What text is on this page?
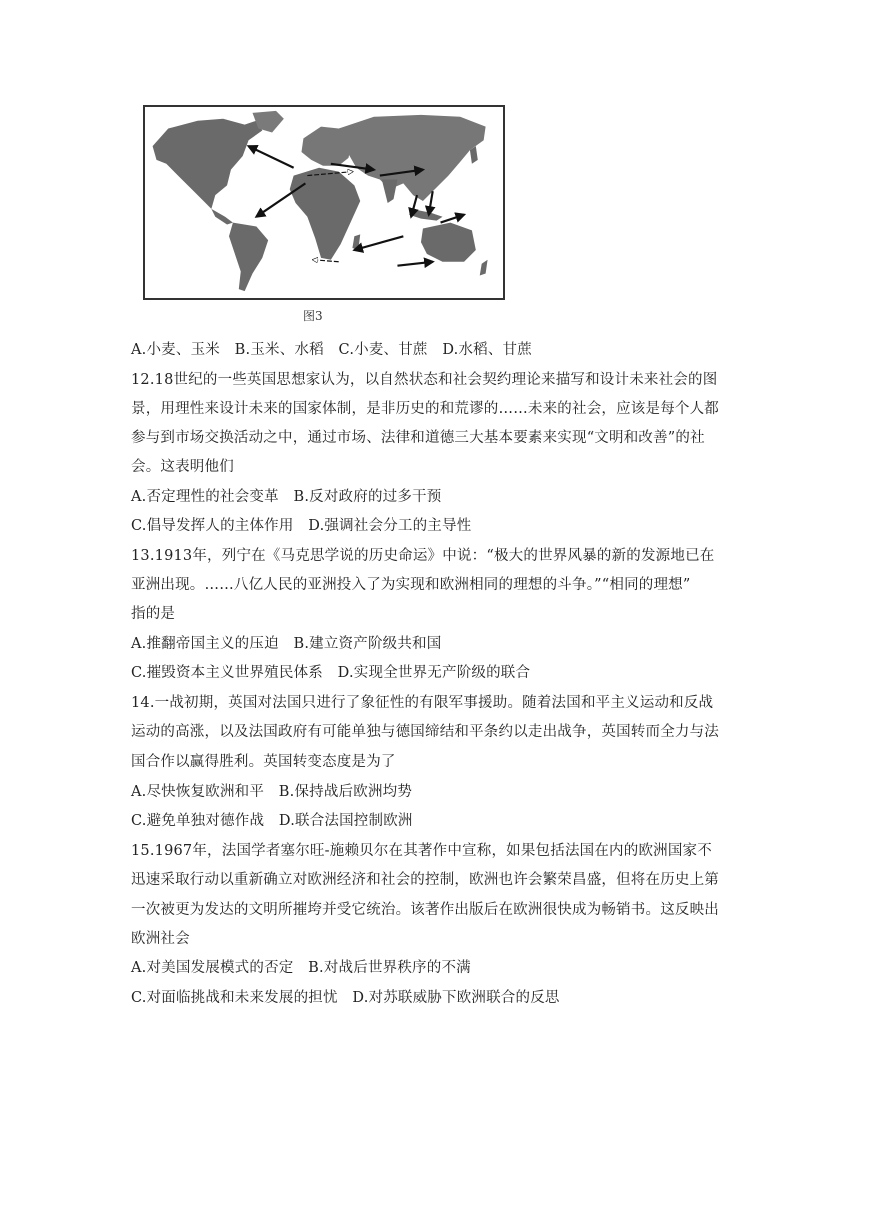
图3
A.小麦、玉米　B.玉米、水稻　C.小麦、甘蔗　D.水稻、甘蔗
12.18世纪的一些英国思想家认为，以自然状态和社会契约理论来描写和设计未来社会的图
景，用理性来设计未来的国家体制，是非历史的和荒谬的……未来的社会，应该是每个人都
参与到市场交换活动之中，通过市场、法律和道德三大基本要素来实现“文明和改善”的社
会。这表明他们
A.否定理性的社会变革　B.反对政府的过多干预
C.倡导发挥人的主体作用　D.强调社会分工的主导性
13.1913年，列宁在《马克思学说的历史命运》中说：“极大的世界风暴的新的发源地已在
亚洲出现。……八亿人民的亚洲投入了为实现和欧洲相同的理想的斗争。”“相同的理想”
指的是
A.推翻帝国主义的压迫　B.建立资产阶级共和国
C.摧毁资本主义世界殖民体系　D.实现全世界无产阶级的联合
14.一战初期，英国对法国只进行了象征性的有限军事援助。随着法国和平主义运动和反战
运动的高涨，以及法国政府有可能单独与德国缔结和平条约以走出战争，英国转而全力与法
国合作以赢得胜利。英国转变态度是为了
A.尽快恢复欧洲和平　B.保持战后欧洲均势
C.避免单独对德作战　D.联合法国控制欧洲
15.1967年，法国学者塞尔旺-施赖贝尔在其著作中宣称，如果包括法国在内的欧洲国家不
迅速采取行动以重新确立对欧洲经济和社会的控制，欧洲也许会繁荣昌盛，但将在历史上第
一次被更为发达的文明所摧垮并受它统治。该著作出版后在欧洲很快成为畅销书。这反映出
欧洲社会
A.对美国发展模式的否定　B.对战后世界秩序的不满
C.对面临挑战和未来发展的担忧　D.对苏联威胁下欧洲联合的反思
